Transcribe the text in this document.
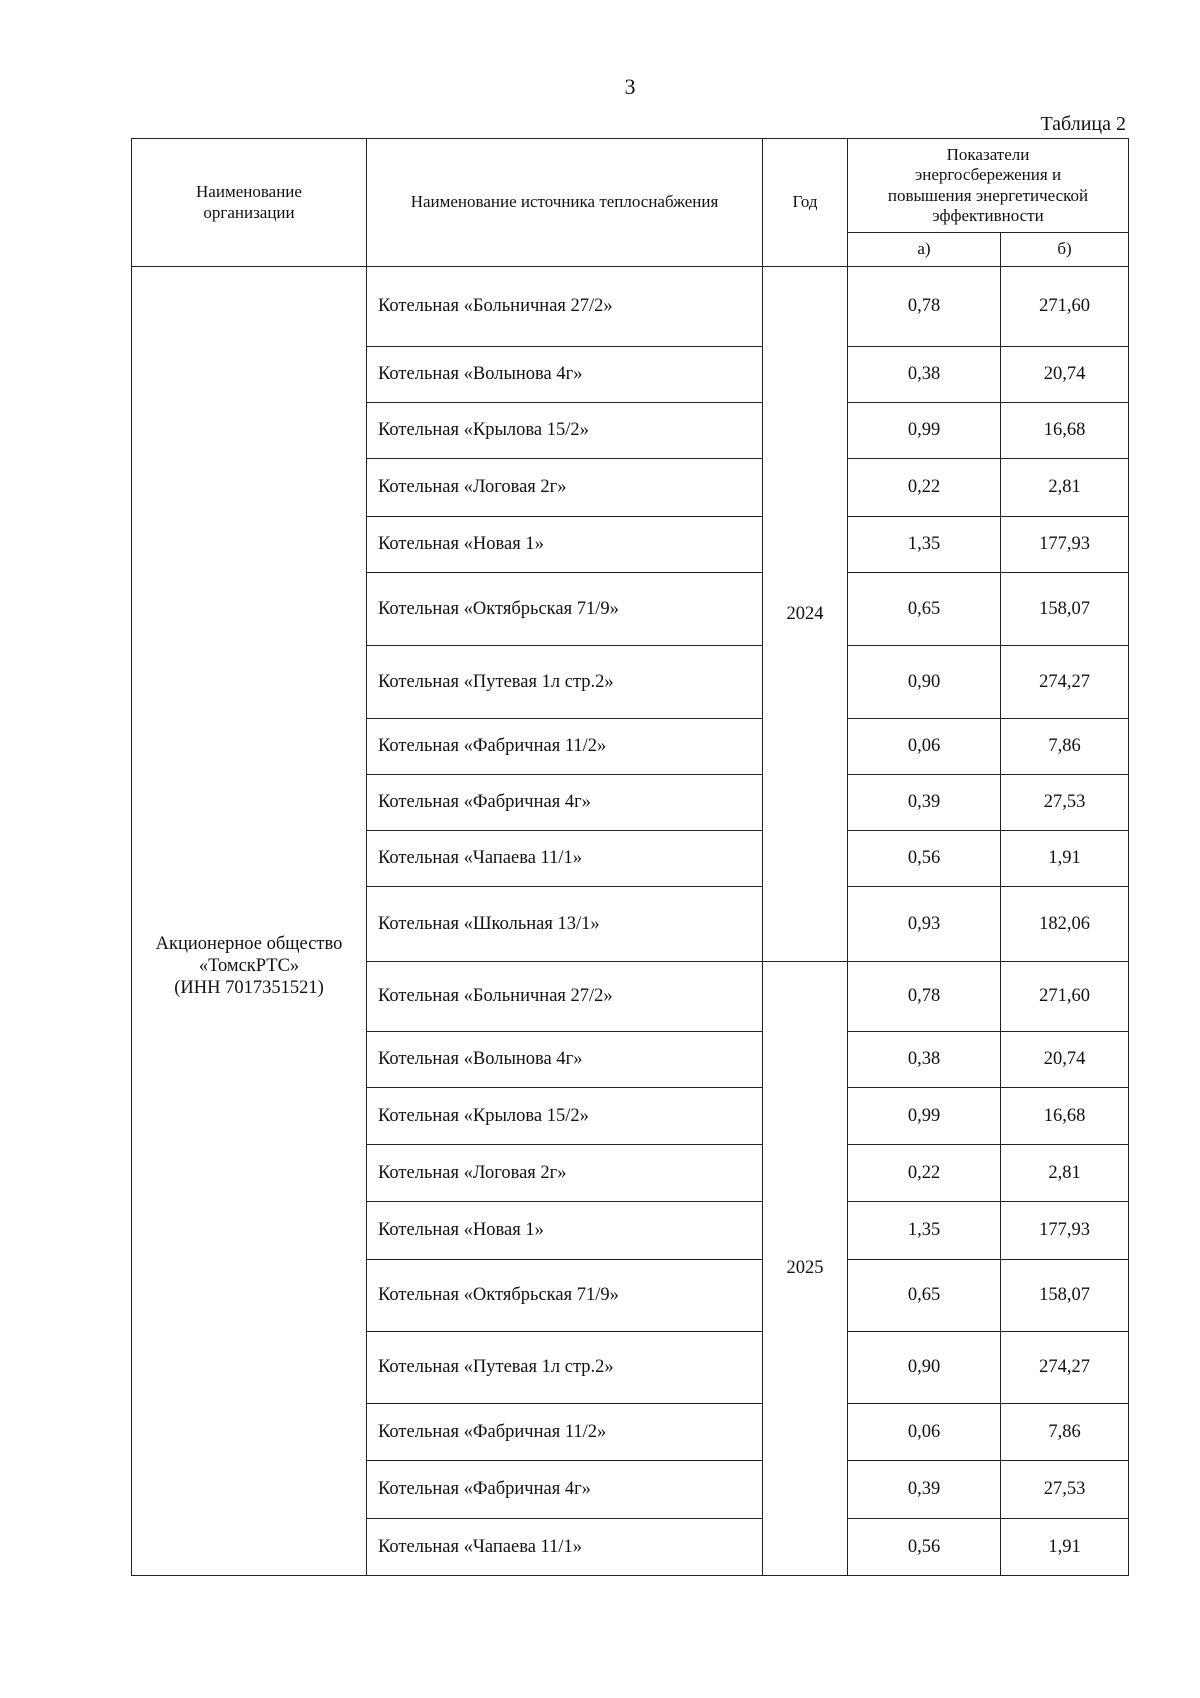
3
Таблица 2
Наименование
организации	Наименование источника теплоснабжения	Год	Показатели
энергосбережения и
повышения энергетической
эффективности	

			а)	б)

Акционерное общество
«ТомскРТС»
(ИНН 7017351521)	Котельная «Больничная 27/2»	2024	0,78	271,60
	Котельная «Волынова 4г»		0,38	20,74
	Котельная «Крылова 15/2»		0,99	16,68
	Котельная «Логовая 2г»		0,22	2,81
	Котельная «Новая 1»		1,35	177,93
	Котельная «Октябрьская 71/9»		0,65	158,07
	Котельная «Путевая 1л стр.2»		0,90	274,27
	Котельная «Фабричная 11/2»		0,06	7,86
	Котельная «Фабричная 4г»		0,39	27,53
	Котельная «Чапаева 11/1»		0,56	1,91
	Котельная «Школьная 13/1»		0,93	182,06
	Котельная «Больничная 27/2»	2025	0,78	271,60
	Котельная «Волынова 4г»		0,38	20,74
	Котельная «Крылова 15/2»		0,99	16,68
	Котельная «Логовая 2г»		0,22	2,81
	Котельная «Новая 1»		1,35	177,93
	Котельная «Октябрьская 71/9»		0,65	158,07
	Котельная «Путевая 1л стр.2»		0,90	274,27
	Котельная «Фабричная 11/2»		0,06	7,86
	Котельная «Фабричная 4г»		0,39	27,53
	Котельная «Чапаева 11/1»		0,56	1,91
